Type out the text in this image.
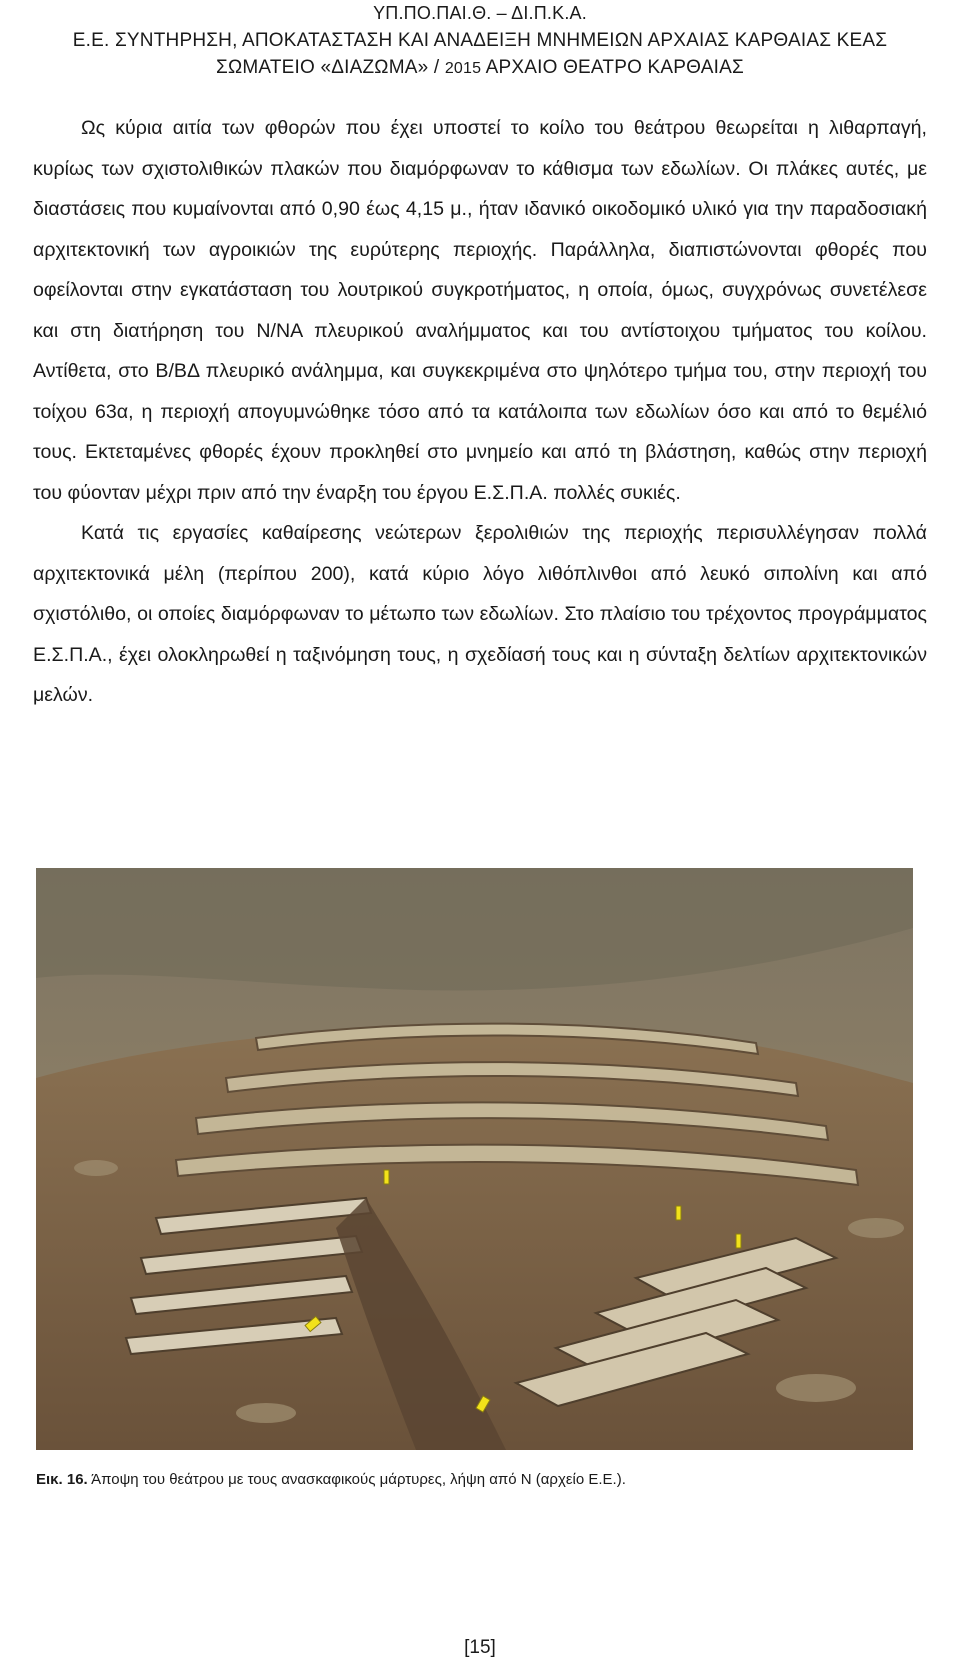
ΥΠ.ΠΟ.ΠΑΙ.Θ. – ΔΙ.Π.Κ.Α.
Ε.Ε. ΣΥΝΤΗΡΗΣΗ, ΑΠΟΚΑΤΑΣΤΑΣΗ ΚΑΙ ΑΝΑΔΕΙΞΗ ΜΝΗΜΕΙΩΝ ΑΡΧΑΙΑΣ ΚΑΡΘΑΙΑΣ ΚΕΑΣ
ΣΩΜΑΤΕΙΟ «ΔΙΑΖΩΜΑ» / 2015 ΑΡΧΑΙΟ ΘΕΑΤΡΟ ΚΑΡΘΑΙΑΣ

Ως κύρια αιτία των φθορών που έχει υποστεί το κοίλο του θεάτρου θεωρείται η λιθαρπαγή, κυρίως των σχιστολιθικών πλακών που διαμόρφωναν το κάθισμα των εδωλίων. Οι πλάκες αυτές, με διαστάσεις που κυμαίνονται από 0,90 έως 4,15 μ., ήταν ιδανικό οικοδομικό υλικό για την παραδοσιακή αρχιτεκτονική των αγροικιών της ευρύτερης περιοχής. Παράλληλα, διαπιστώνονται φθορές που οφείλονται στην εγκατάσταση του λουτρικού συγκροτήματος, η οποία, όμως, συγχρόνως συνετέλεσε και στη διατήρηση του Ν/ΝΑ πλευρικού αναλήμματος και του αντίστοιχου τμήματος του κοίλου. Αντίθετα, στο Β/ΒΔ πλευρικό ανάλημμα, και συγκεκριμένα στο ψηλότερο τμήμα του, στην περιοχή του τοίχου 63α, η περιοχή απογυμνώθηκε τόσο από τα κατάλοιπα των εδωλίων όσο και από το θεμέλιό τους. Εκτεταμένες φθορές έχουν προκληθεί στο μνημείο και από τη βλάστηση, καθώς στην περιοχή του φύονταν μέχρι πριν από την έναρξη του έργου Ε.Σ.Π.Α. πολλές συκιές.

Κατά τις εργασίες καθαίρεσης νεώτερων ξερολιθιών της περιοχής περισυλλέγησαν πολλά αρχιτεκτονικά μέλη (περίπου 200), κατά κύριο λόγο λιθόπλινθοι από λευκό σιπολίνη και από σχιστόλιθο, οι οποίες διαμόρφωναν το μέτωπο των εδωλίων. Στο πλαίσιο του τρέχοντος προγράμματος Ε.Σ.Π.Α., έχει ολοκληρωθεί η ταξινόμηση τους, η σχεδίασή τους και η σύνταξη δελτίων αρχιτεκτονικών μελών.

Εικ. 16. Άποψη του θεάτρου με τους ανασκαφικούς μάρτυρες, λήψη από Ν (αρχείο Ε.Ε.).
[15]
